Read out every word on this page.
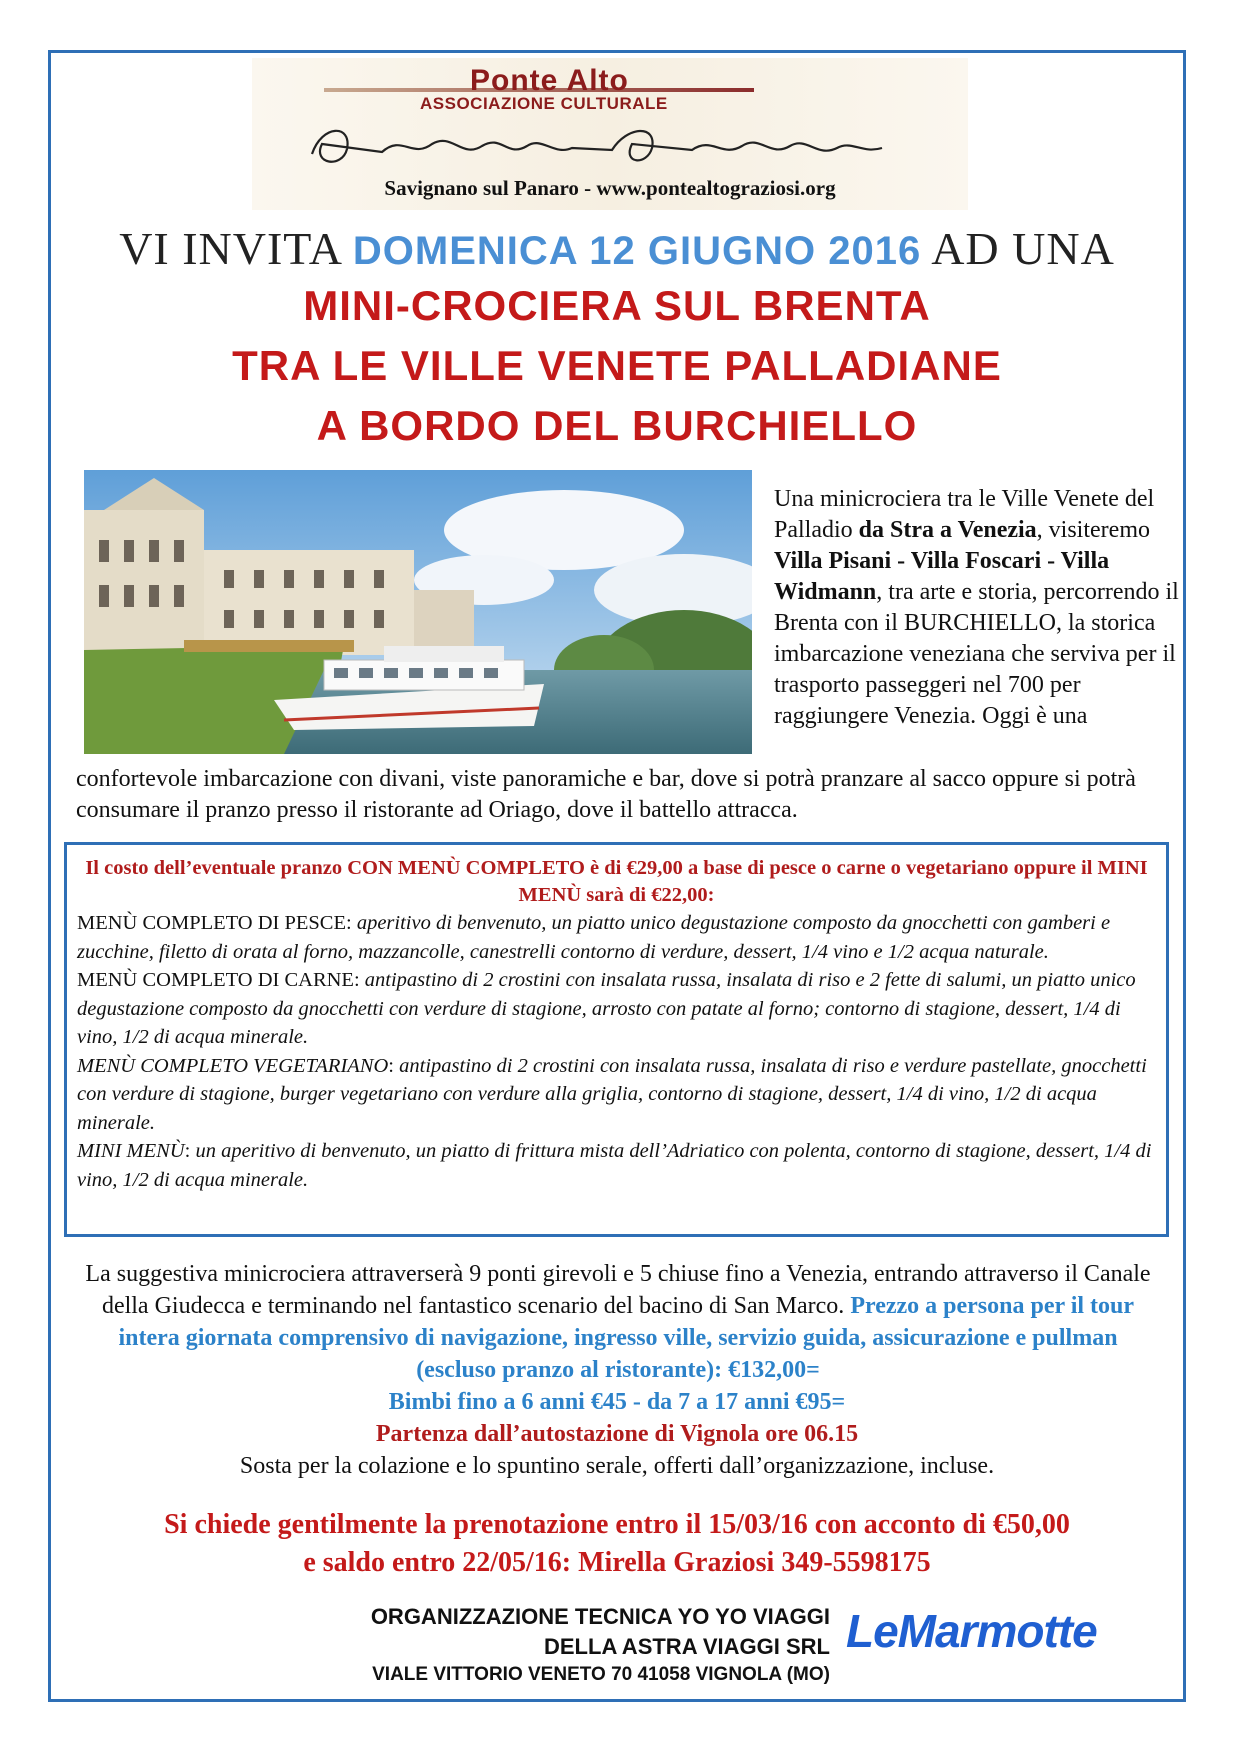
Ponte Alto
ASSOCIAZIONE CULTURALE
Savignano sul Panaro - www.pontealtograziosi.org
VI INVITA DOMENICA 12 GIUGNO 2016 AD UNA
MINI-CROCIERA SUL BRENTA
TRA LE VILLE VENETE PALLADIANE
A BORDO DEL BURCHIELLO
Una minicrociera tra le Ville Venete del Palladio da Stra a Venezia, visiteremo Villa Pisani - Villa Foscari - Villa Widmann, tra arte e storia, percorrendo il Brenta con il BURCHIELLO, la storica imbarcazione veneziana che serviva per il trasporto passeggeri nel 700 per raggiungere Venezia. Oggi è una
confortevole imbarcazione con divani, viste panoramiche e bar, dove si potrà pranzare al sacco oppure si potrà consumare il pranzo presso il ristorante ad Oriago, dove il battello attracca.
Il costo dell’eventuale pranzo CON MENÙ COMPLETO è di €29,00 a base di pesce o carne o vegetariano oppure il MINI MENÙ sarà di €22,00:
MENÙ COMPLETO DI PESCE: aperitivo di benvenuto, un piatto unico degustazione composto da gnocchetti con gamberi e zucchine, filetto di orata al forno, mazzancolle, canestrelli contorno di verdure, dessert, 1/4 vino e 1/2 acqua naturale.
MENÙ COMPLETO DI CARNE: antipastino di 2 crostini con insalata russa, insalata di riso e 2 fette di salumi, un piatto unico degustazione composto da gnocchetti con verdure di stagione, arrosto con patate al forno; contorno di stagione, dessert, 1/4 di vino, 1/2 di acqua minerale.
MENÙ COMPLETO VEGETARIANO: antipastino di 2 crostini con insalata russa, insalata di riso e verdure pastellate, gnocchetti con verdure di stagione, burger vegetariano con verdure alla griglia, contorno di stagione, dessert, 1/4 di vino, 1/2 di acqua minerale.
MINI MENÙ: un aperitivo di benvenuto, un piatto di frittura mista dell’Adriatico con polenta, contorno di stagione, dessert, 1/4 di vino, 1/2 di acqua minerale.
La suggestiva minicrociera attraverserà 9 ponti girevoli e 5 chiuse fino a Venezia, entrando attraverso il Canale della Giudecca e terminando nel fantastico scenario del bacino di San Marco. Prezzo a persona per il tour intera giornata comprensivo di navigazione, ingresso ville, servizio guida, assicurazione e pullman (escluso pranzo al ristorante): €132,00=
Bimbi fino a 6 anni €45 - da 7 a 17 anni €95=
Partenza dall’autostazione di Vignola ore 06.15
Sosta per la colazione e lo spuntino serale, offerti dall’organizzazione, incluse.
Si chiede gentilmente la prenotazione entro il 15/03/16 con acconto di €50,00
e saldo entro 22/05/16: Mirella Graziosi 349-5598175
ORGANIZZAZIONE TECNICA YO YO VIAGGI
DELLA ASTRA VIAGGI SRL
VIALE VITTORIO VENETO 70 41058 VIGNOLA (MO)
LeMarmotte
